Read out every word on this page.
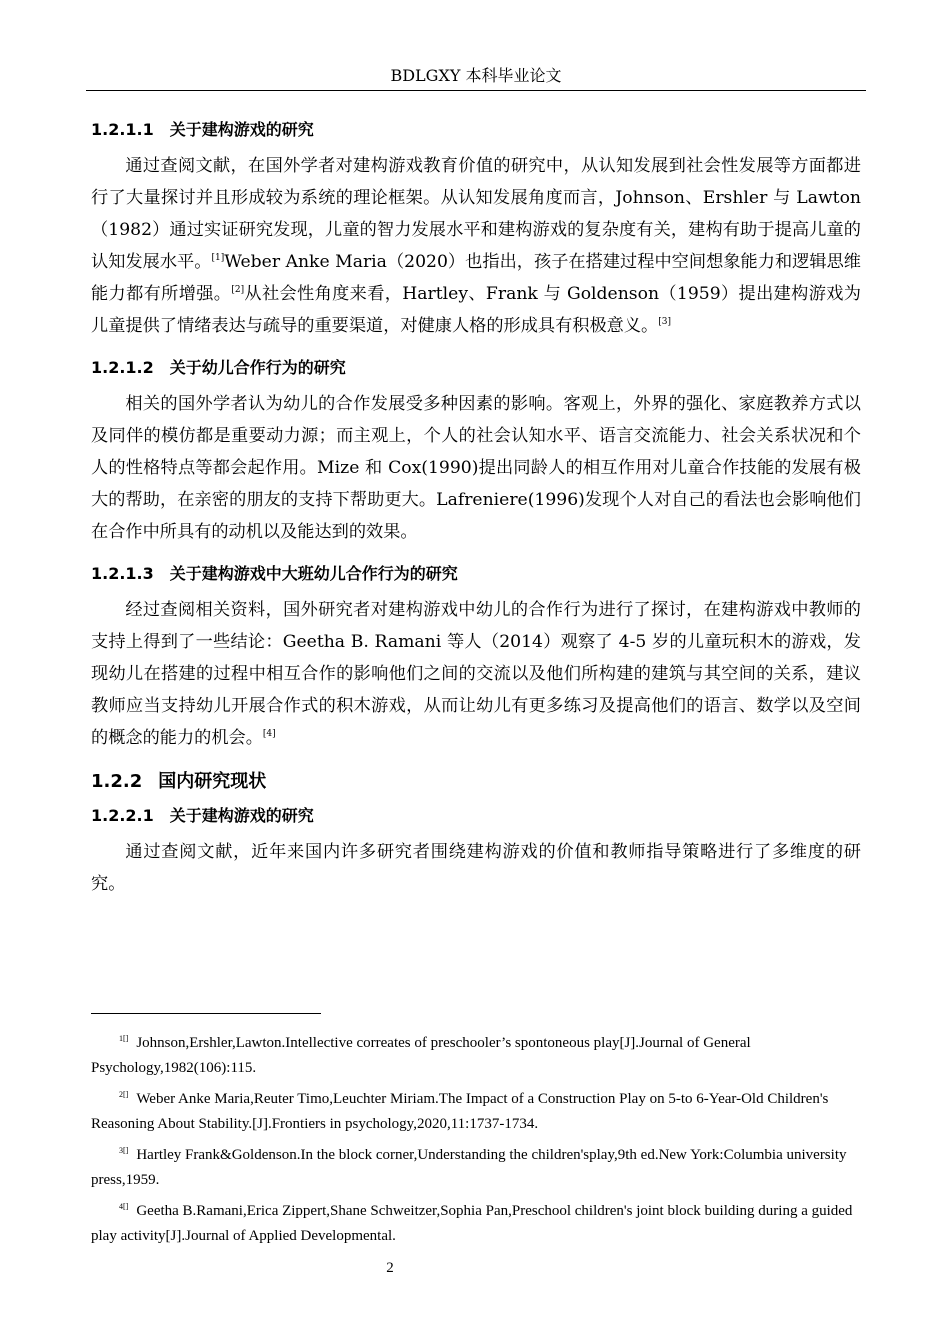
BDLGXY 本科毕业论文
1.2.1.1 关于建构游戏的研究

通过查阅文献，在国外学者对建构游戏教育价值的研究中，从认知发展到社会性发展等方面都进行了大量探讨并且形成较为系统的理论框架。从认知发展角度而言，Johnson、Ershler 与 Lawton（1982）通过实证研究发现，儿童的智力发展水平和建构游戏的复杂度有关，建构有助于提高儿童的认知发展水平。[1]Weber Anke Maria（2020）也指出，孩子在搭建过程中空间想象能力和逻辑思维能力都有所增强。[2]从社会性角度来看，Hartley、Frank 与 Goldenson（1959）提出建构游戏为儿童提供了情绪表达与疏导的重要渠道，对健康人格的形成具有积极意义。[3]

1.2.1.2 关于幼儿合作行为的研究

相关的国外学者认为幼儿的合作发展受多种因素的影响。客观上，外界的强化、家庭教养方式以及同伴的模仿都是重要动力源；而主观上，个人的社会认知水平、语言交流能力、社会关系状况和个人的性格特点等都会起作用。Mize 和 Cox(1990)提出同龄人的相互作用对儿童合作技能的发展有极大的帮助，在亲密的朋友的支持下帮助更大。Lafreniere(1996)发现个人对自己的看法也会影响他们在合作中所具有的动机以及能达到的效果。

1.2.1.3 关于建构游戏中大班幼儿合作行为的研究

经过查阅相关资料，国外研究者对建构游戏中幼儿的合作行为进行了探讨，在建构游戏中教师的支持上得到了一些结论：Geetha B. Ramani 等人（2014）观察了 4-5 岁的儿童玩积木的游戏，发现幼儿在搭建的过程中相互合作的影响他们之间的交流以及他们所构建的建筑与其空间的关系，建议教师应当支持幼儿开展合作式的积木游戏，从而让幼儿有更多练习及提高他们的语言、数学以及空间的概念的能力的机会。[4]

1.2.2 国内研究现状
1.2.2.1 关于建构游戏的研究

通过查阅文献，近年来国内许多研究者围绕建构游戏的价值和教师指导策略进行了多维度的研究。

$^{1[]}$ Johnson,Ershler,Lawton.Intellective correates of preschooler’s spontoneous play[J].Journal of General Psychology,1982(106):115.

$^{2[]}$ Weber Anke Maria,Reuter Timo,Leuchter Miriam.The Impact of a Construction Play on 5-to 6-Year-Old Children's Reasoning About Stability.[J].Frontiers in psychology,2020,11:1737-1734.

$^{3[]}$ Hartley Frank&Goldenson.In the block corner,Understanding the children'splay,9th ed.New York:Columbia university press,1959.

$^{4[]}$ Geetha B.Ramani,Erica Zippert,Shane Schweitzer,Sophia Pan,Preschool children's joint block building during a guided play activity[J].Journal of Applied Developmental.

2
